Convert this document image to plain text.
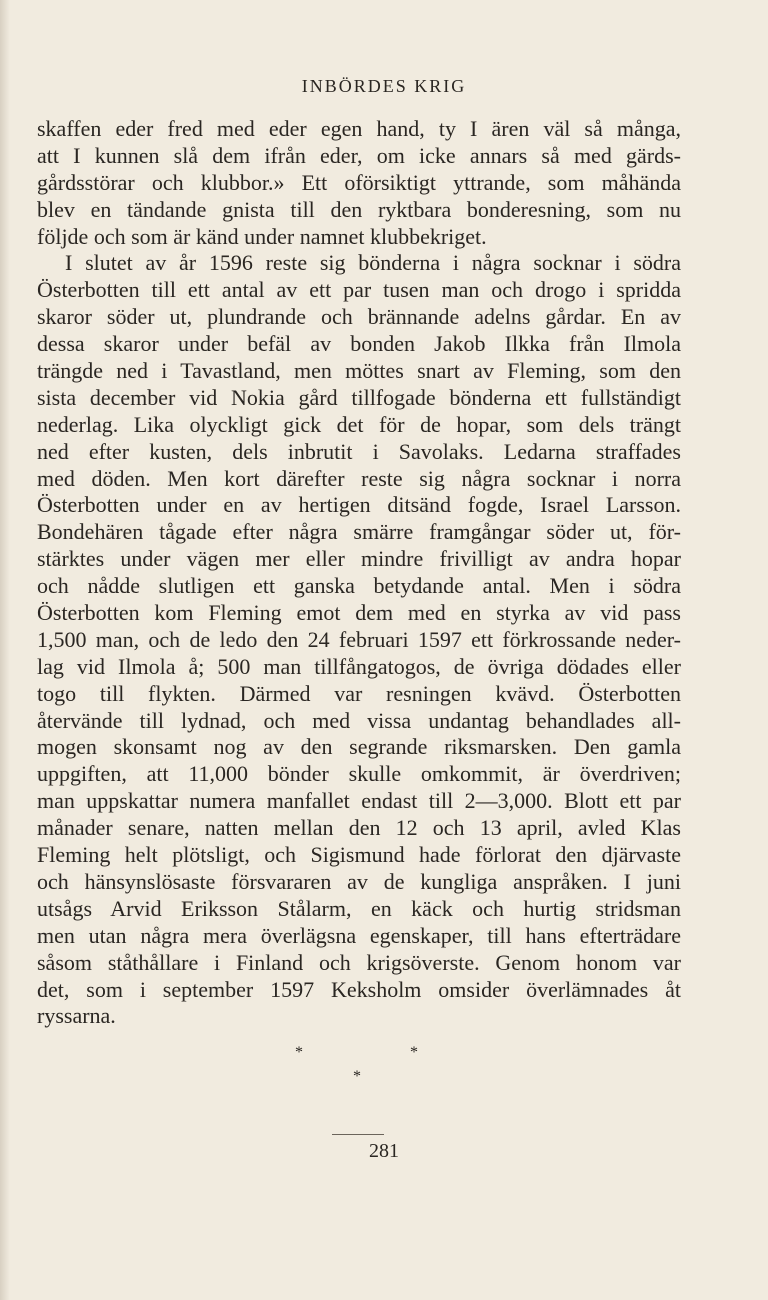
INBÖRDES KRIG
skaffen eder fred med eder egen hand, ty I ären väl så många,
att I kunnen slå dem ifrån eder, om icke annars så med gärds-
gårdsstörar och klubbor.» Ett oförsiktigt yttrande, som måhända
blev en tändande gnista till den ryktbara bonderesning, som nu
följde och som är känd under namnet klubbekriget.
I slutet av år 1596 reste sig bönderna i några socknar i södra
Österbotten till ett antal av ett par tusen man och drogo i spridda
skaror söder ut, plundrande och brännande adelns gårdar. En av
dessa skaror under befäl av bonden Jakob Ilkka från Ilmola
trängde ned i Tavastland, men möttes snart av Fleming, som den
sista december vid Nokia gård tillfogade bönderna ett fullständigt
nederlag. Lika olyckligt gick det för de hopar, som dels trängt
ned efter kusten, dels inbrutit i Savolaks. Ledarna straffades
med döden. Men kort därefter reste sig några socknar i norra
Österbotten under en av hertigen ditsänd fogde, Israel Larsson.
Bondehären tågade efter några smärre framgångar söder ut, för-
stärktes under vägen mer eller mindre frivilligt av andra hopar
och nådde slutligen ett ganska betydande antal. Men i södra
Österbotten kom Fleming emot dem med en styrka av vid pass
1,500 man, och de ledo den 24 februari 1597 ett förkrossande neder-
lag vid Ilmola å; 500 man tillfångatogos, de övriga dödades eller
togo till flykten. Därmed var resningen kvävd. Österbotten
återvände till lydnad, och med vissa undantag behandlades all-
mogen skonsamt nog av den segrande riksmarsken. Den gamla
uppgiften, att 11,000 bönder skulle omkommit, är överdriven;
man uppskattar numera manfallet endast till 2—3,000. Blott ett par
månader senare, natten mellan den 12 och 13 april, avled Klas
Fleming helt plötsligt, och Sigismund hade förlorat den djärvaste
och hänsynslösaste försvararen av de kungliga anspråken. I juni
utsågs Arvid Eriksson Stålarm, en käck och hurtig stridsman
men utan några mera överlägsna egenskaper, till hans efterträdare
såsom ståthållare i Finland och krigsöverste. Genom honom var
det, som i september 1597 Keksholm omsider överlämnades åt
ryssarna.
*	*
*
281
